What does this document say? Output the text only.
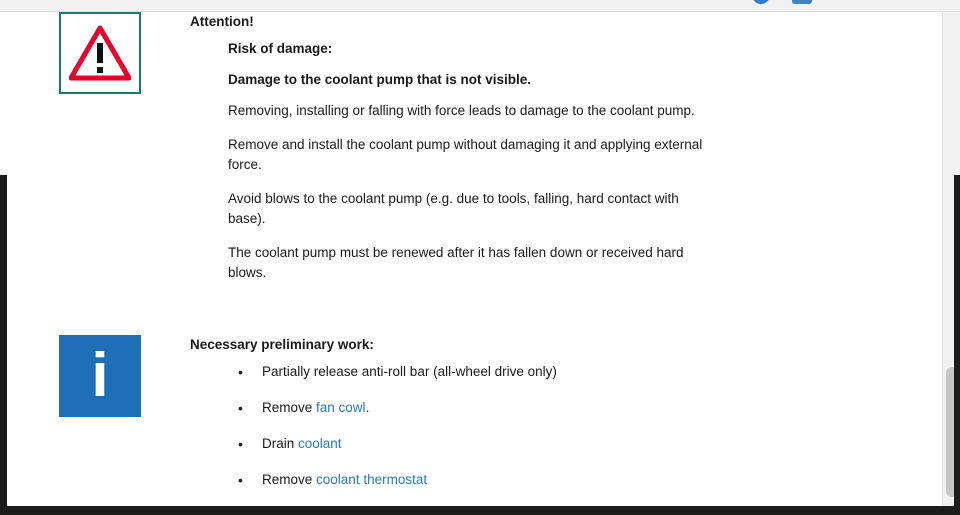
Attention!

Risk of damage:

Damage to the coolant pump that is not visible.

Removing, installing or falling with force leads to damage to the coolant pump.

Remove and install the coolant pump without damaging it and applying external force.

Avoid blows to the coolant pump (e.g. due to tools, falling, hard contact with base).

The coolant pump must be renewed after it has fallen down or received hard blows.

i	Necessary preliminary work:

• Partially release anti-roll bar (all-wheel drive only)
• Remove fan cowl.
• Drain coolant
• Remove coolant thermostat
